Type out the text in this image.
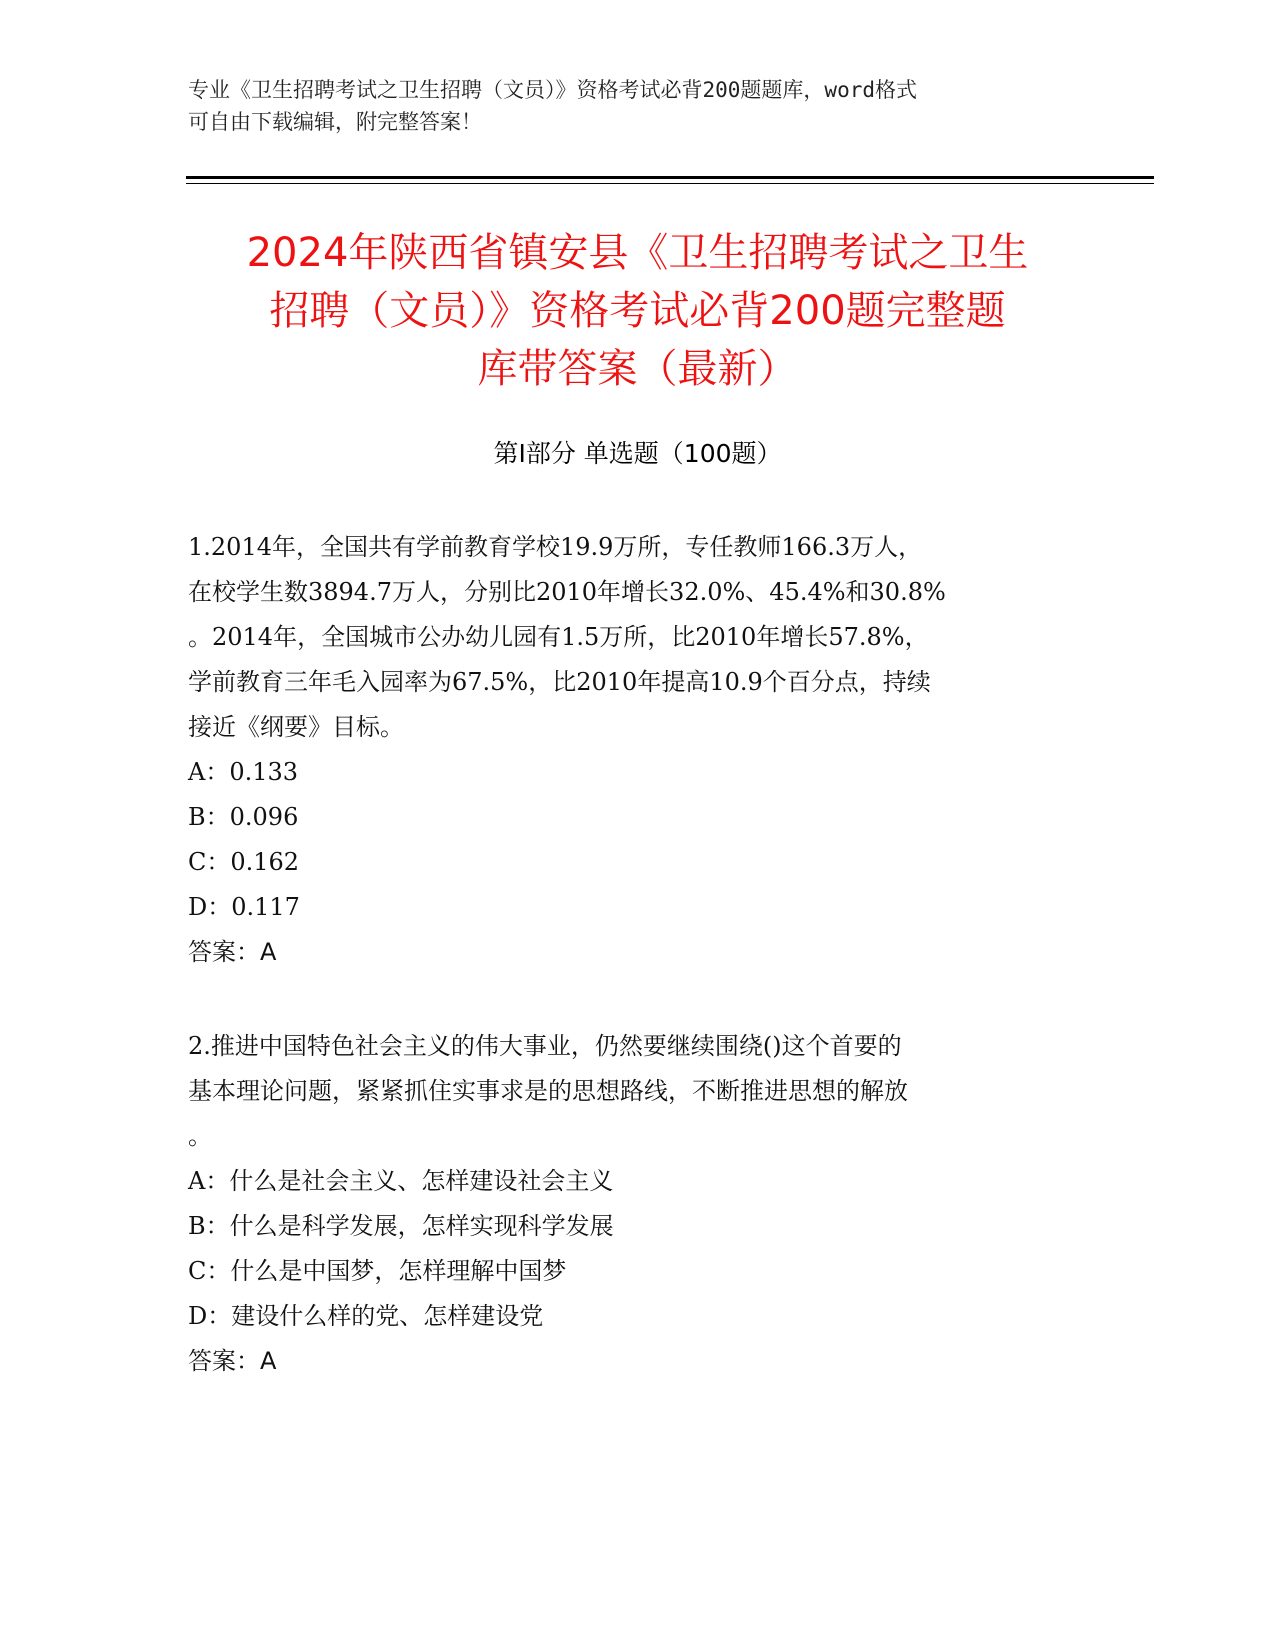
专业《卫生招聘考试之卫生招聘（文员）》资格考试必背200题题库，word格式
可自由下载编辑，附完整答案！
2024年陕西省镇安县《卫生招聘考试之卫生
招聘（文员）》资格考试必背200题完整题
库带答案（最新）
第Ⅰ部分 单选题（100题）
1.2014年，全国共有学前教育学校19.9万所，专任教师166.3万人，
在校学生数3894.7万人，分别比2010年增长32.0%、45.4%和30.8%
。2014年，全国城市公办幼儿园有1.5万所，比2010年增长57.8%，
学前教育三年毛入园率为67.5%，比2010年提高10.9个百分点，持续
接近《纲要》目标。
A：0.133
B：0.096
C：0.162
D：0.117
答案：A
2.推进中国特色社会主义的伟大事业，仍然要继续围绕()这个首要的
基本理论问题，紧紧抓住实事求是的思想路线，不断推进思想的解放
。
A：什么是社会主义、怎样建设社会主义
B：什么是科学发展，怎样实现科学发展
C：什么是中国梦，怎样理解中国梦
D：建设什么样的党、怎样建设党
答案：A
